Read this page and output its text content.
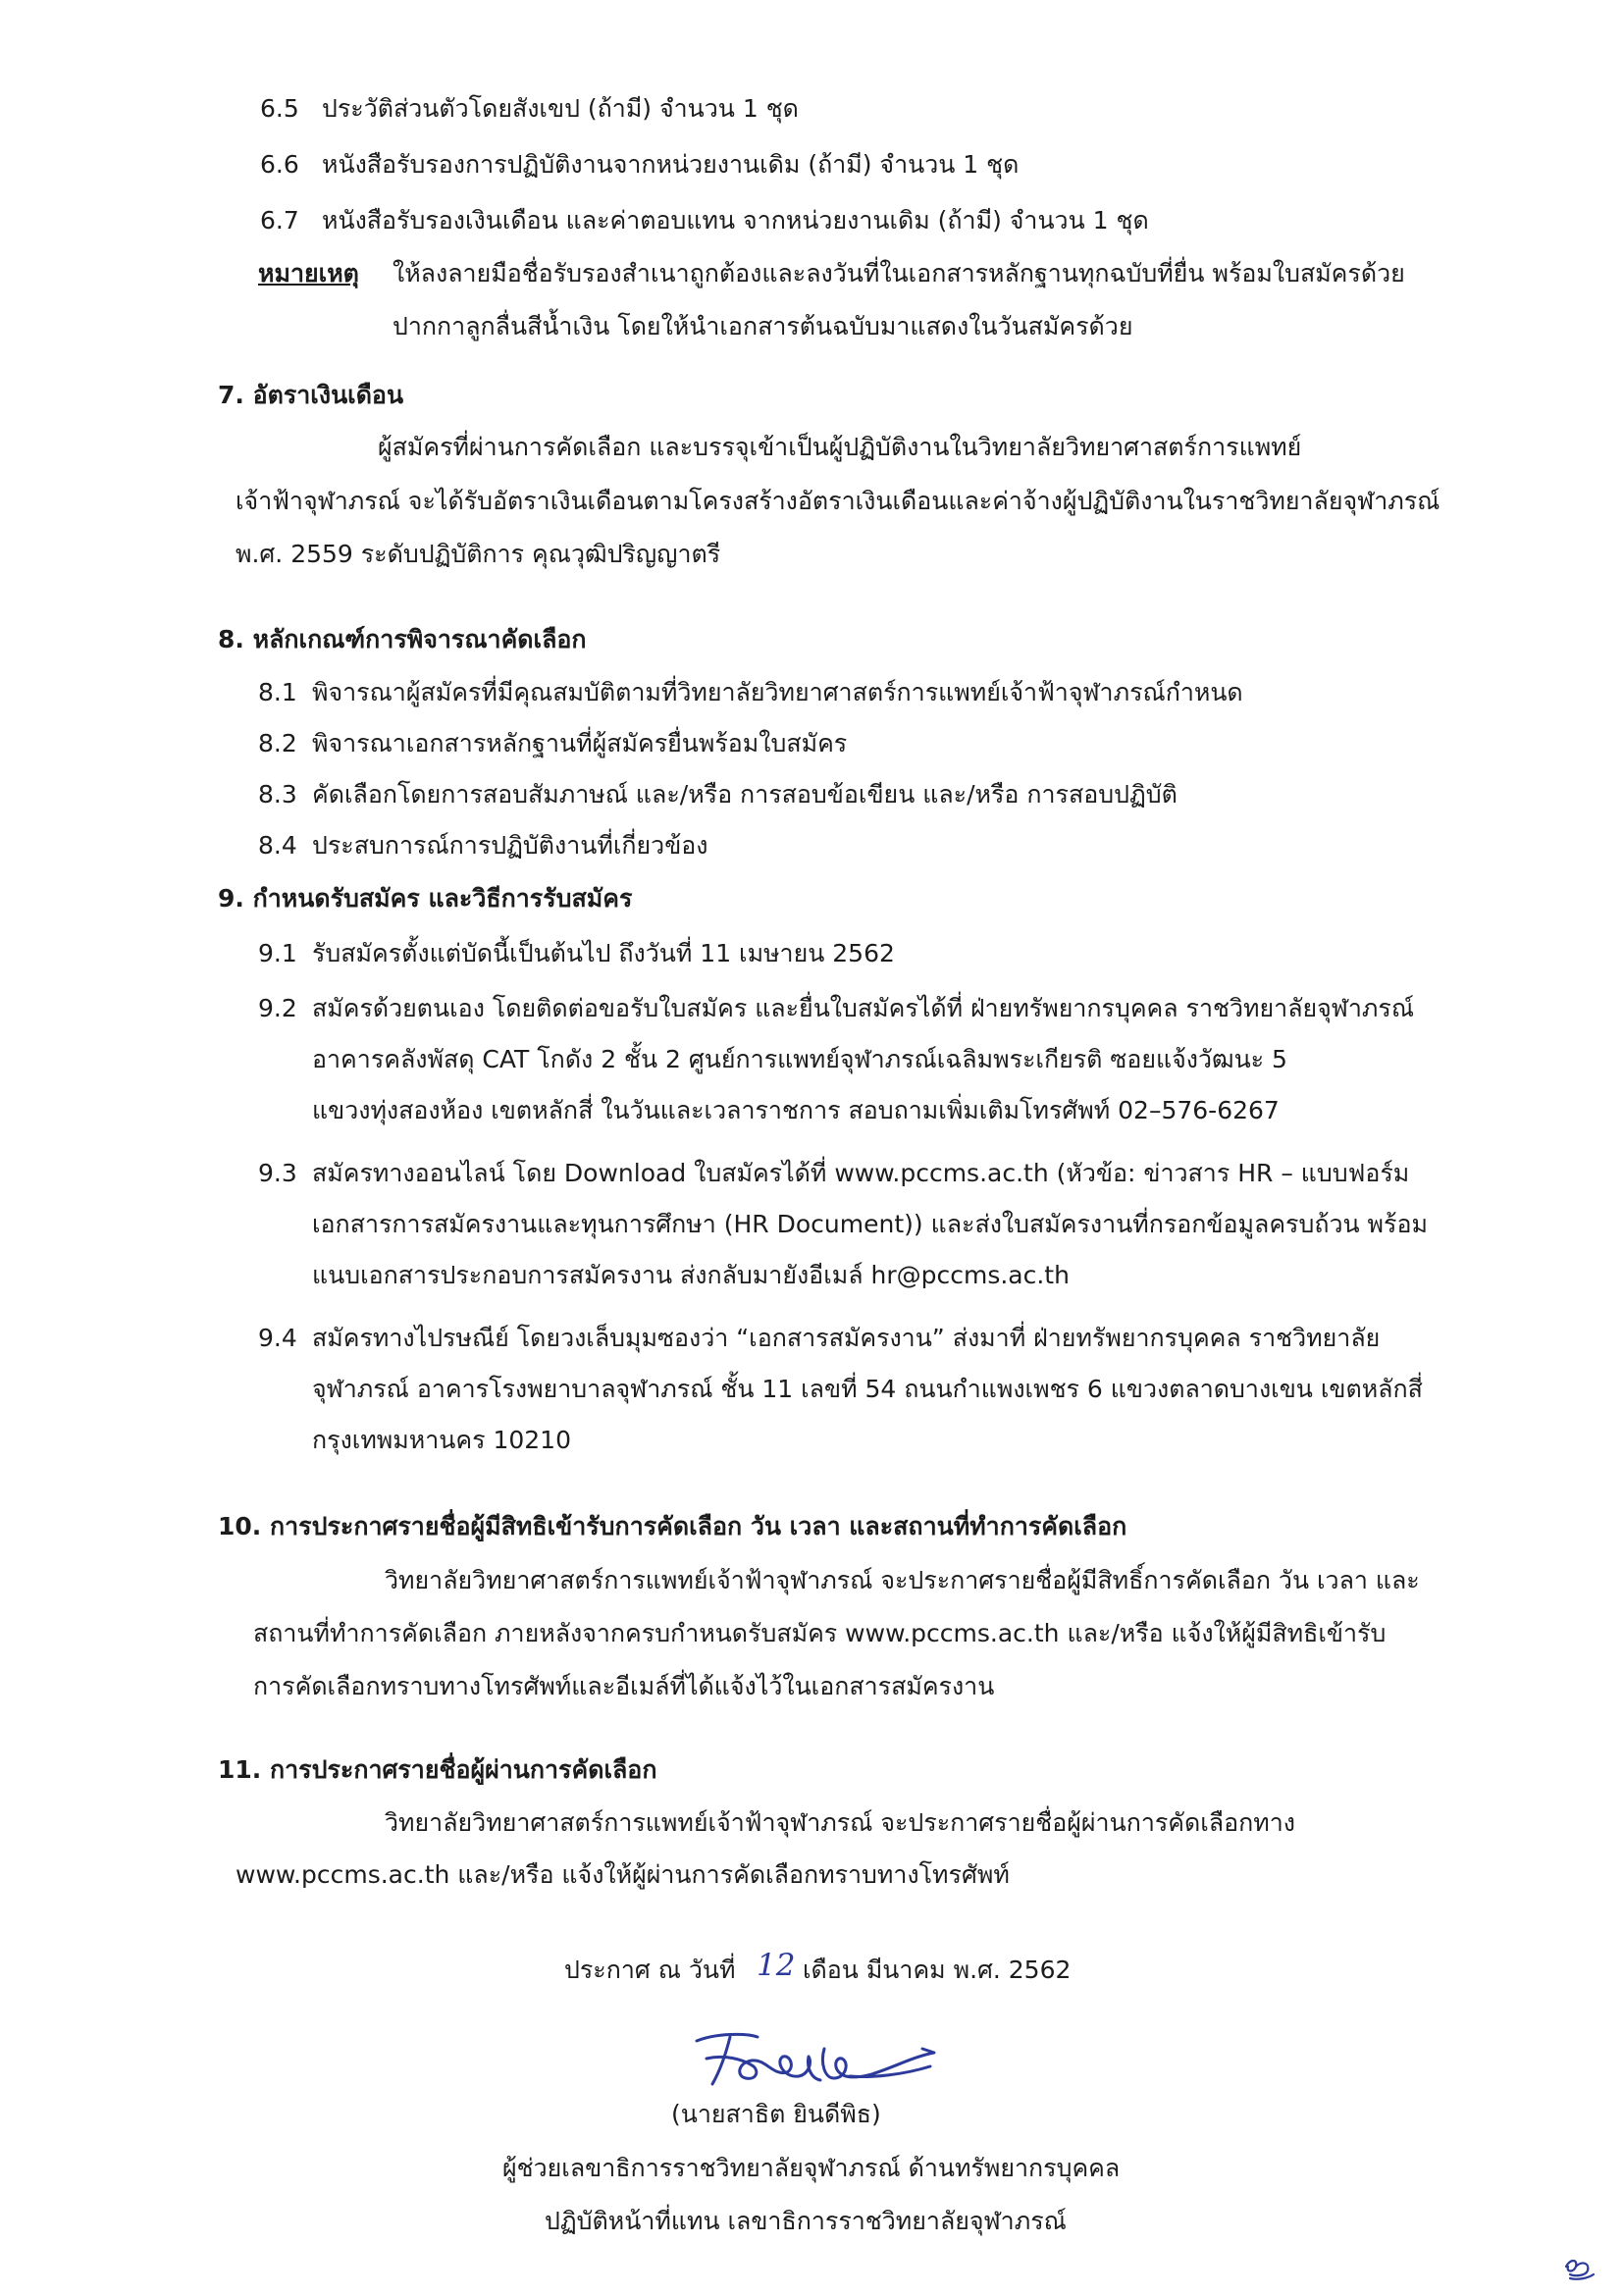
6.5 ประวัติส่วนตัวโดยสังเขป (ถ้ามี) จำนวน 1 ชุด
6.6 หนังสือรับรองการปฏิบัติงานจากหน่วยงานเดิม (ถ้ามี) จำนวน 1 ชุด
6.7 หนังสือรับรองเงินเดือน และค่าตอบแทน จากหน่วยงานเดิม (ถ้ามี) จำนวน 1 ชุด
หมายเหตุ ให้ลงลายมือชื่อรับรองสำเนาถูกต้องและลงวันที่ในเอกสารหลักฐานทุกฉบับที่ยื่น พร้อมใบสมัครด้วย
ปากกาลูกลื่นสีน้ำเงิน โดยให้นำเอกสารต้นฉบับมาแสดงในวันสมัครด้วย
7. อัตราเงินเดือน
ผู้สมัครที่ผ่านการคัดเลือก และบรรจุเข้าเป็นผู้ปฏิบัติงานในวิทยาลัยวิทยาศาสตร์การแพทย์
เจ้าฟ้าจุฬาภรณ์ จะได้รับอัตราเงินเดือนตามโครงสร้างอัตราเงินเดือนและค่าจ้างผู้ปฏิบัติงานในราชวิทยาลัยจุฬาภรณ์
พ.ศ. 2559 ระดับปฏิบัติการ คุณวุฒิปริญญาตรี
8. หลักเกณฑ์การพิจารณาคัดเลือก
8.1 พิจารณาผู้สมัครที่มีคุณสมบัติตามที่วิทยาลัยวิทยาศาสตร์การแพทย์เจ้าฟ้าจุฬาภรณ์กำหนด
8.2 พิจารณาเอกสารหลักฐานที่ผู้สมัครยื่นพร้อมใบสมัคร
8.3 คัดเลือกโดยการสอบสัมภาษณ์ และ/หรือ การสอบข้อเขียน และ/หรือ การสอบปฏิบัติ
8.4 ประสบการณ์การปฏิบัติงานที่เกี่ยวข้อง
9. กำหนดรับสมัคร และวิธีการรับสมัคร
9.1 รับสมัครตั้งแต่บัดนี้เป็นต้นไป ถึงวันที่ 11 เมษายน 2562
9.2 สมัครด้วยตนเอง โดยติดต่อขอรับใบสมัคร และยื่นใบสมัครได้ที่ ฝ่ายทรัพยากรบุคคล ราชวิทยาลัยจุฬาภรณ์
อาคารคลังพัสดุ CAT โกดัง 2 ชั้น 2 ศูนย์การแพทย์จุฬาภรณ์เฉลิมพระเกียรติ ซอยแจ้งวัฒนะ 5
แขวงทุ่งสองห้อง เขตหลักสี่ ในวันและเวลาราชการ สอบถามเพิ่มเติมโทรศัพท์ 02–576-6267
9.3 สมัครทางออนไลน์ โดย Download ใบสมัครได้ที่ www.pccms.ac.th (หัวข้อ: ข่าวสาร HR – แบบฟอร์ม
เอกสารการสมัครงานและทุนการศึกษา (HR Document)) และส่งใบสมัครงานที่กรอกข้อมูลครบถ้วน พร้อม
แนบเอกสารประกอบการสมัครงาน ส่งกลับมายังอีเมล์ hr@pccms.ac.th
9.4 สมัครทางไปรษณีย์ โดยวงเล็บมุมซองว่า “เอกสารสมัครงาน” ส่งมาที่ ฝ่ายทรัพยากรบุคคล ราชวิทยาลัย
จุฬาภรณ์ อาคารโรงพยาบาลจุฬาภรณ์ ชั้น 11 เลขที่ 54 ถนนกำแพงเพชร 6 แขวงตลาดบางเขน เขตหลักสี่
กรุงเทพมหานคร 10210
10. การประกาศรายชื่อผู้มีสิทธิเข้ารับการคัดเลือก วัน เวลา และสถานที่ทำการคัดเลือก
วิทยาลัยวิทยาศาสตร์การแพทย์เจ้าฟ้าจุฬาภรณ์ จะประกาศรายชื่อผู้มีสิทธิ์การคัดเลือก วัน เวลา และ
สถานที่ทำการคัดเลือก ภายหลังจากครบกำหนดรับสมัคร www.pccms.ac.th และ/หรือ แจ้งให้ผู้มีสิทธิเข้ารับ
การคัดเลือกทราบทางโทรศัพท์และอีเมล์ที่ได้แจ้งไว้ในเอกสารสมัครงาน
11. การประกาศรายชื่อผู้ผ่านการคัดเลือก
วิทยาลัยวิทยาศาสตร์การแพทย์เจ้าฟ้าจุฬาภรณ์ จะประกาศรายชื่อผู้ผ่านการคัดเลือกทาง
www.pccms.ac.th และ/หรือ แจ้งให้ผู้ผ่านการคัดเลือกทราบทางโทรศัพท์
ประกาศ ณ วันที่ 12 เดือน มีนาคม พ.ศ. 2562
(นายสาธิต ยินดีพิธ)
ผู้ช่วยเลขาธิการราชวิทยาลัยจุฬาภรณ์ ด้านทรัพยากรบุคคล
ปฏิบัติหน้าที่แทน เลขาธิการราชวิทยาลัยจุฬาภรณ์
